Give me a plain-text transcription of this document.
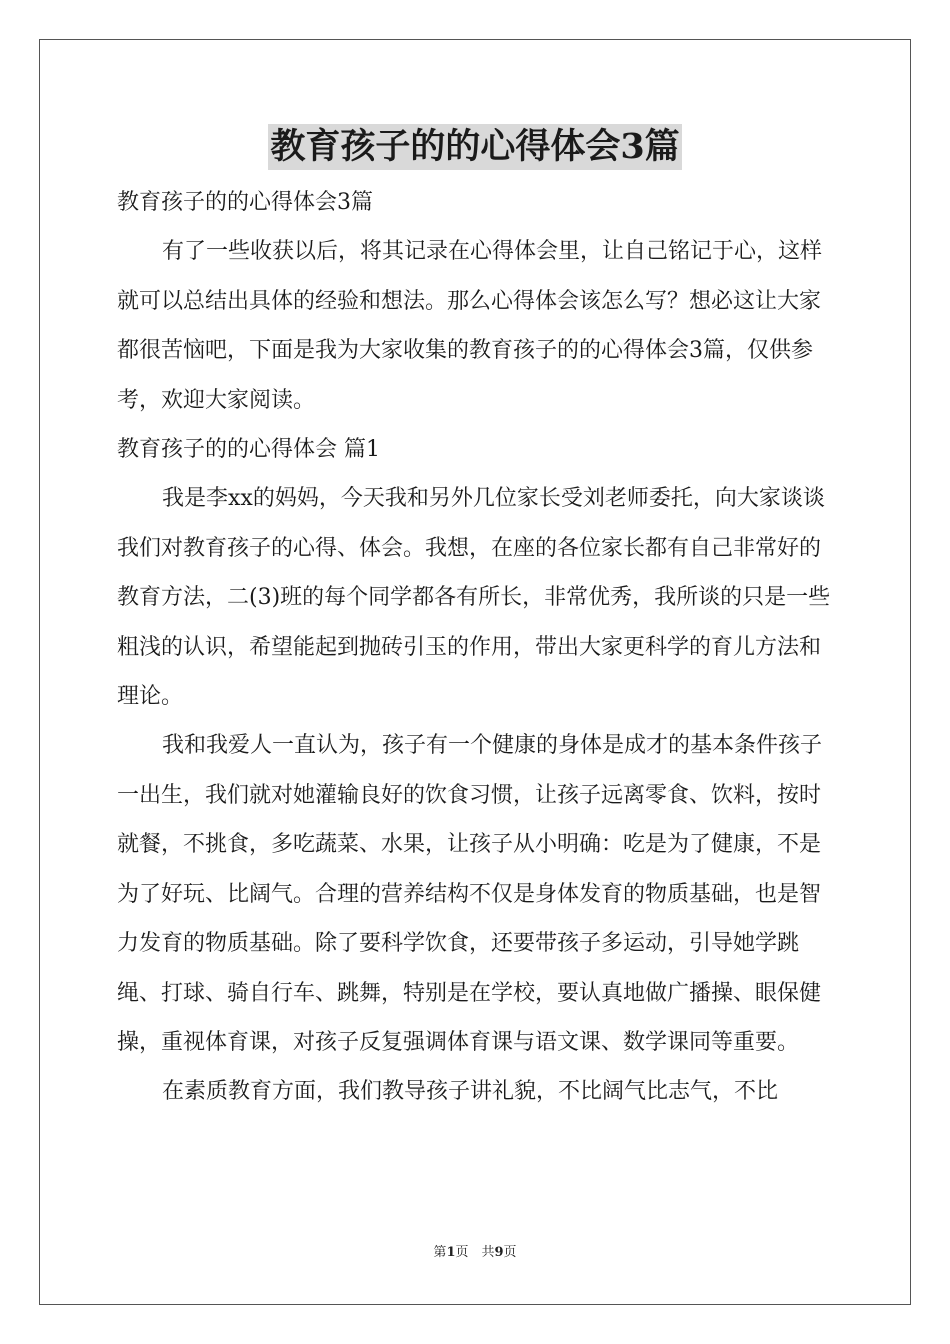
教育孩子的的心得体会3篇

教育孩子的的心得体会3篇

有了一些收获以后，将其记录在心得体会里，让自己铭记于心，这样就可以总结出具体的经验和想法。那么心得体会该怎么写？想必这让大家都很苦恼吧，下面是我为大家收集的教育孩子的的心得体会3篇，仅供参考，欢迎大家阅读。

教育孩子的的心得体会 篇1

我是李xx的妈妈，今天我和另外几位家长受刘老师委托，向大家谈谈我们对教育孩子的心得、体会。我想，在座的各位家长都有自己非常好的教育方法，二(3)班的每个同学都各有所长，非常优秀，我所谈的只是一些粗浅的认识，希望能起到抛砖引玉的作用，带出大家更科学的育儿方法和理论。

我和我爱人一直认为，孩子有一个健康的身体是成才的基本条件孩子一出生，我们就对她灌输良好的饮食习惯，让孩子远离零食、饮料，按时就餐，不挑食，多吃蔬菜、水果，让孩子从小明确：吃是为了健康，不是为了好玩、比阔气。合理的营养结构不仅是身体发育的物质基础，也是智力发育的物质基础。除了要科学饮食，还要带孩子多运动，引导她学跳绳、打球、骑自行车、跳舞，特别是在学校，要认真地做广播操、眼保健操，重视体育课，对孩子反复强调体育课与语文课、数学课同等重要。

在素质教育方面，我们教导孩子讲礼貌，不比阔气比志气，不比

第1页　共9页
